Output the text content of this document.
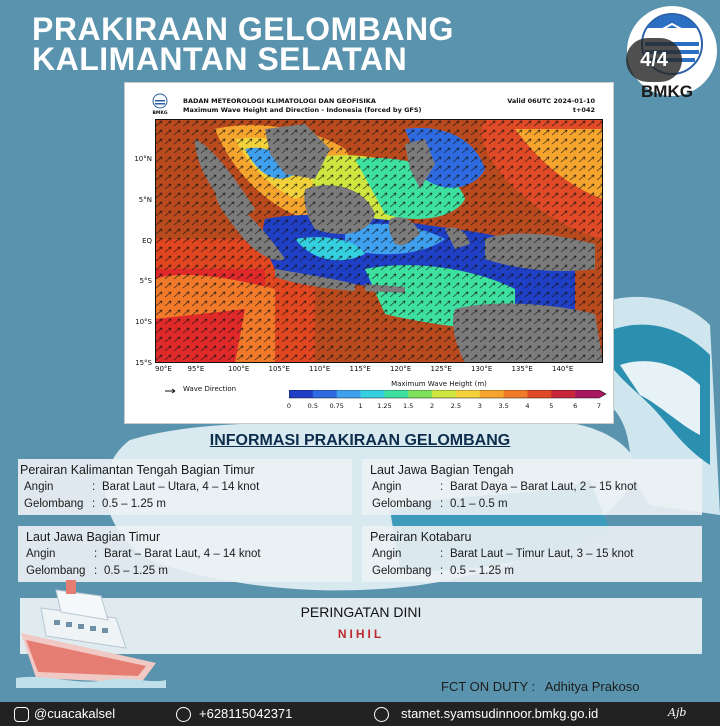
PRAKIRAAN GELOMBANG
KALIMANTAN SELATAN
BMKG
4/4
BMKG
BADAN METEOROLOGI KLIMATOLOGI DAN GEOFISIKA
Maximum Wave Height and Direction - Indonesia (forced by GFS)
Valid 06UTC 2024-01-10
t+042
Wave Direction
Maximum Wave Height (m)
0	0.5	0.75	1	1.25	1.5	2	2.5	3	3.5	4	5	6	7
10°N
5°N
EQ
5°S
10°S
15°S
90°E 95°E	100°E	105°E	110°E	115°E	120°E	125°E	130°E	135°E	140°E
INFORMASI PRAKIRAAN GELOMBANG
Perairan Kalimantan Tengah Bagian Timur
Angin	: Barat Laut – Utara, 4 – 14 knot
Gelombang : 0.5 – 1.25 m
Laut Jawa Bagian Tengah
Angin	: Barat Daya – Barat Laut, 2 – 15 knot
Gelombang : 0.1 – 0.5 m
Laut Jawa Bagian Timur
Angin	: Barat – Barat Laut, 4 – 14 knot
Gelombang : 0.5 – 1.25 m
Perairan Kotabaru
Angin	: Barat Laut – Timur Laut, 3 – 15 knot
Gelombang : 0.5 – 1.25 m
PERINGATAN DINI
NIHIL
FCT ON DUTY : Adhitya Prakoso
@cuacakalsel	+628115042371	stamet.syamsudinnoor.bmkg.go.id	Ajb
